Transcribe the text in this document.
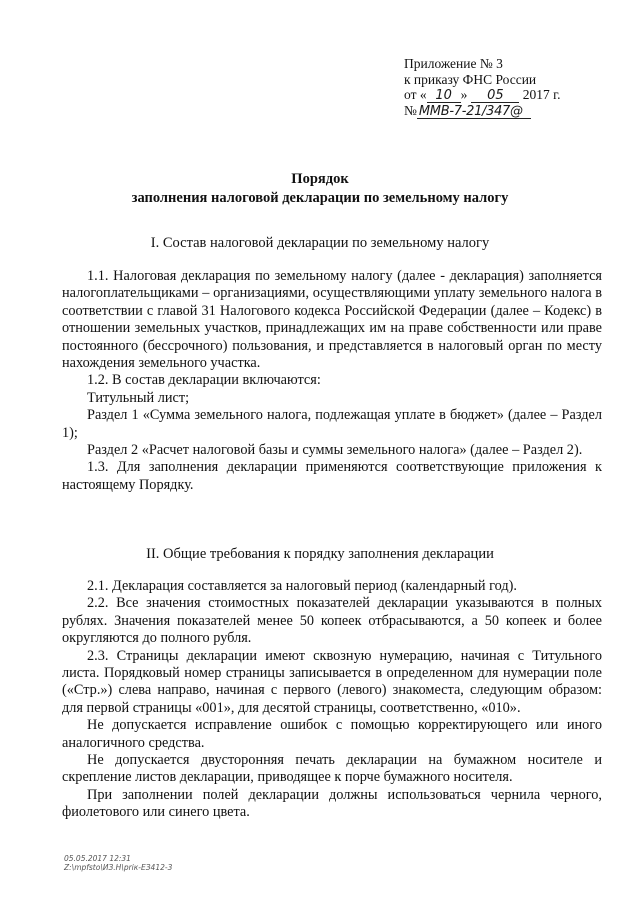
Приложение № 3
к приказу ФНС России
от « 10 » 05 2017 г.
№ ММВ-7-21/347@
Порядок
заполнения налоговой декларации по земельному налогу
I. Состав налоговой декларации по земельному налогу

1.1. Налоговая декларация по земельному налогу (далее - декларация) заполняется налогоплательщиками – организациями, осуществляющими уплату земельного налога в соответствии с главой 31 Налогового кодекса Российской Федерации (далее – Кодекс) в отношении земельных участков, принадлежащих им на праве собственности или праве постоянного (бессрочного) пользования, и представляется в налоговый орган по месту нахождения земельного участка.

1.2. В состав декларации включаются:

Титульный лист;

Раздел 1 «Сумма земельного налога, подлежащая уплате в бюджет» (далее – Раздел 1);

Раздел 2 «Расчет налоговой базы и суммы земельного налога» (далее – Раздел 2).

1.3. Для заполнения декларации применяются соответствующие приложения к настоящему Порядку.

II. Общие требования к порядку заполнения декларации

2.1. Декларация составляется за налоговый период (календарный год).

2.2. Все значения стоимостных показателей декларации указываются в полных рублях. Значения показателей менее 50 копеек отбрасываются, а 50 копеек и более округляются до полного рубля.

2.3. Страницы декларации имеют сквозную нумерацию, начиная с Титульного листа. Порядковый номер страницы записывается в определенном для нумерации поле («Стр.») слева направо, начиная с первого (левого) знакоместа, следующим образом: для первой страницы «001», для десятой страницы, соответственно, «010».

Не допускается исправление ошибок с помощью корректирующего или иного аналогичного средства.

Не допускается двусторонняя печать декларации на бумажном носителе и скрепление листов декларации, приводящее к порче бумажного носителя.

При заполнении полей декларации должны использоваться чернила черного, фиолетового или синего цвета.

05.05.2017 12:31
Z:\mpfsto\ИЗ.Н\priк-ЕЗ412-3
